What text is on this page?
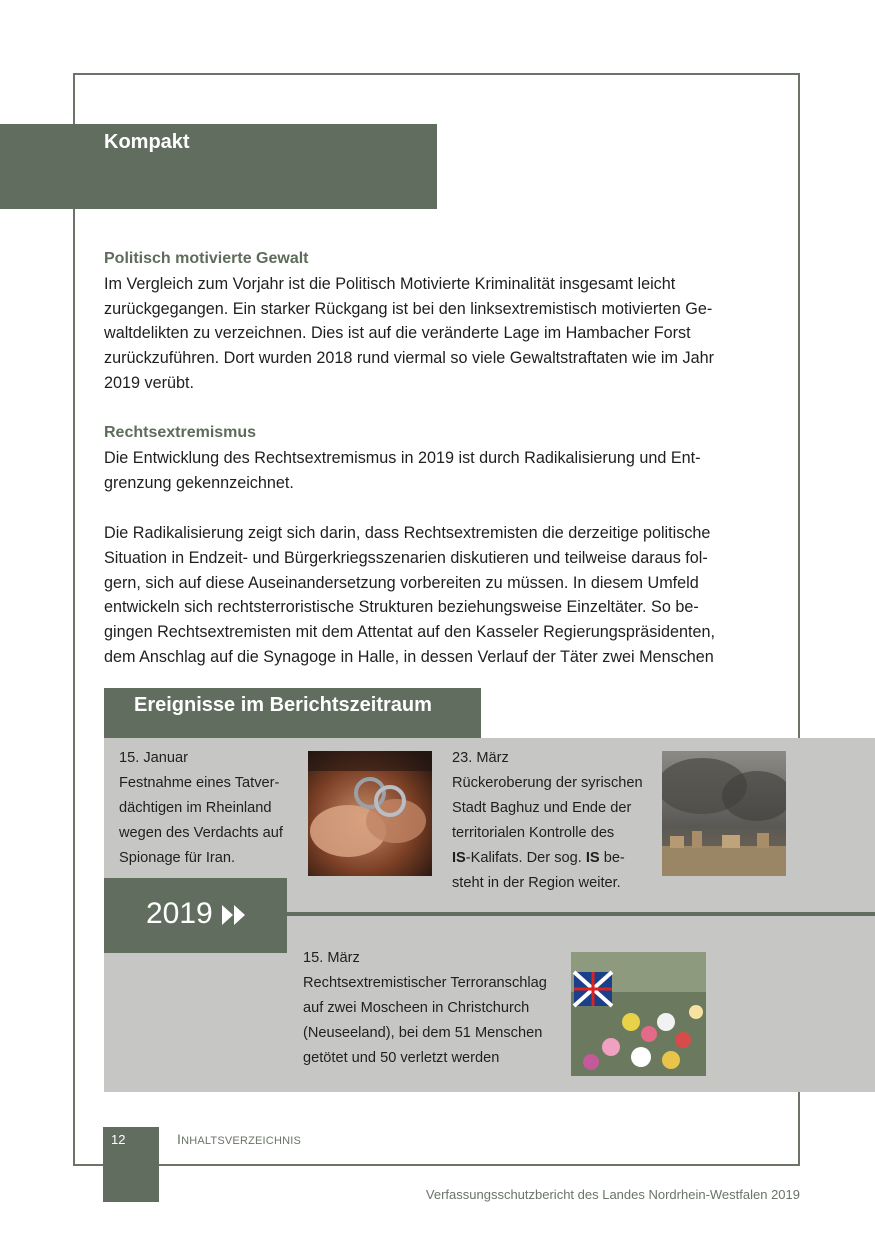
Kompakt
Politisch motivierte Gewalt
Im Vergleich zum Vorjahr ist die Politisch Motivierte Kriminalität insgesamt leicht
zurückgegangen. Ein starker Rückgang ist bei den linksextremistisch motivierten Ge-
waltdelikten zu verzeichnen. Dies ist auf die veränderte Lage im Hambacher Forst
zurückzuführen. Dort wurden 2018 rund viermal so viele Gewaltstraftaten wie im Jahr
2019 verübt.
Rechtsextremismus
Die Entwicklung des Rechtsextremismus in 2019 ist durch Radikalisierung und Ent-
grenzung gekennzeichnet.
Die Radikalisierung zeigt sich darin, dass Rechtsextremisten die derzeitige politische
Situation in Endzeit- und Bürgerkriegsszenarien diskutieren und teilweise daraus fol-
gern, sich auf diese Auseinandersetzung vorbereiten zu müssen. In diesem Umfeld
entwickeln sich rechtsterroristische Strukturen beziehungsweise Einzeltäter. So be-
gingen Rechtsextremisten mit dem Attentat auf den Kasseler Regierungspräsidenten,
dem Anschlag auf die Synagoge in Halle, in dessen Verlauf der Täter zwei Menschen
Ereignisse im Berichtszeitraum
2019
15. Januar
Festnahme eines Tatver-
dächtigen im Rheinland
wegen des Verdachts auf
Spionage für Iran.
23. März
Rückeroberung der syrischen
Stadt Baghuz und Ende der
territorialen Kontrolle des
IS-Kalifats. Der sog. IS be-
steht in der Region weiter.
15. März
Rechtsextremistischer Terroranschlag
auf zwei Moscheen in Christchurch
(Neuseeland), bei dem 51 Menschen
getötet und 50 verletzt werden
12	INHALTSVERZEICHNIS
Verfassungsschutzbericht des Landes Nordrhein-Westfalen 2019
